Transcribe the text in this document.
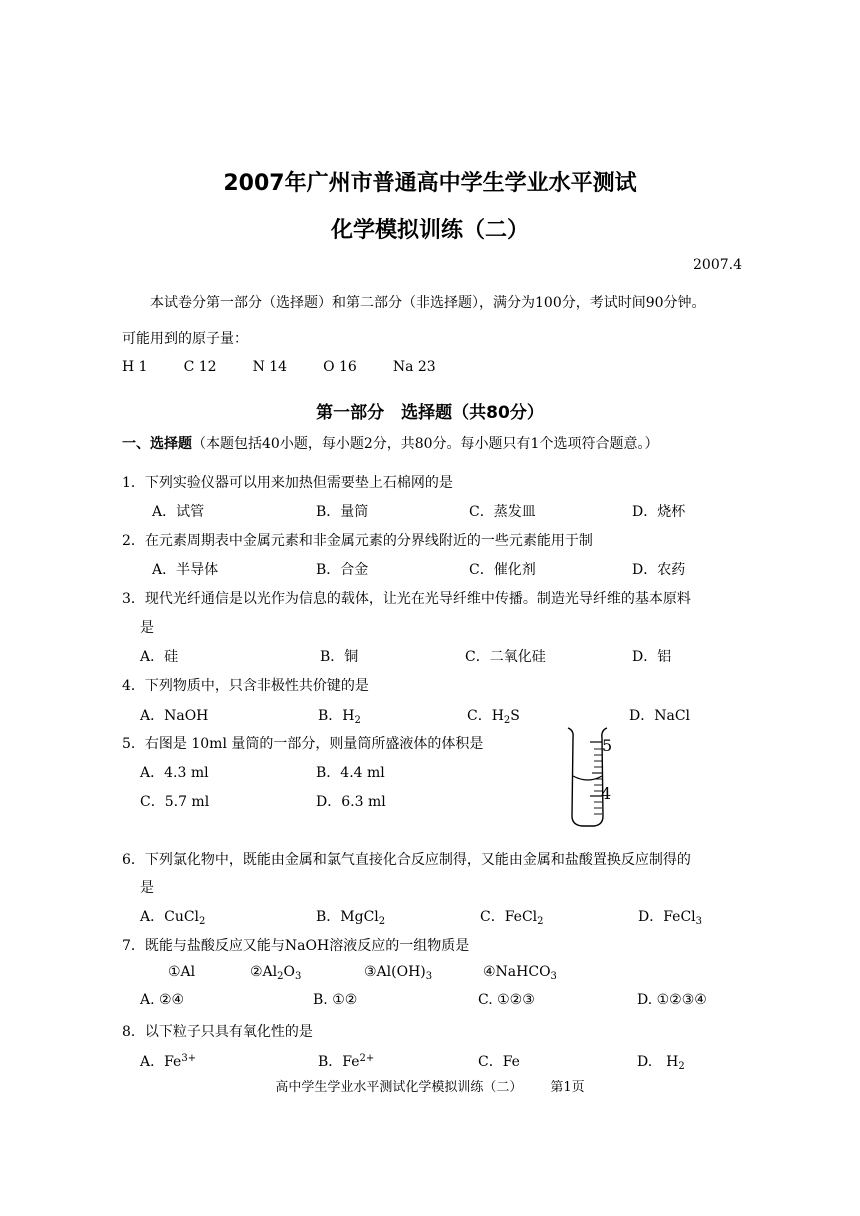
2007年广州市普通高中学生学业水平测试
化学模拟训练（二）
2007.4
本试卷分第一部分（选择题）和第二部分（非选择题），满分为100分，考试时间90分钟。
可能用到的原子量：
H 1	C 12	N 14	O 16	Na 23
第一部分　选择题（共80分）
一、选择题（本题包括40小题，每小题2分，共80分。每小题只有1个选项符合题意。）
1．下列实验仪器可以用来加热但需要垫上石棉网的是
A．试管	B．量筒	C．蒸发皿	D．烧杯
2．在元素周期表中金属元素和非金属元素的分界线附近的一些元素能用于制
A．半导体	B．合金	C．催化剂	D．农药
3．现代光纤通信是以光作为信息的载体，让光在光导纤维中传播。制造光导纤维的基本原料
是
A．硅	B．铜	C．二氧化硅	D．铝
4．下列物质中，只含非极性共价键的是
A．NaOH	B．$H_2$	C．$H_2S$	D．NaCl
5．右图是 10ml 量筒的一部分，则量筒所盛液体的体积是
A．4.3 ml	B．4.4 ml
C．5.7 ml	D．6.3 ml
5
4
6．下列氯化物中，既能由金属和氯气直接化合反应制得，又能由金属和盐酸置换反应制得的
是
A．CuCl$_2$	B．MgCl$_2$	C．FeCl$_2$	D．FeCl$_3$
7．既能与盐酸反应又能与NaOH溶液反应的一组物质是
①Al	$②Al_2O_3$	$③Al(OH)_3$	④NaHCO$_3$
A. ②④	B. ①②	C. ①②③	D. ①②③④
8．以下粒子只具有氧化性的是
A．$Fe^{3+}$	B．$Fe^{2+}$	C．Fe	D.　$H_2$
高中学生学业水平测试化学模拟训练（二） 第1页
